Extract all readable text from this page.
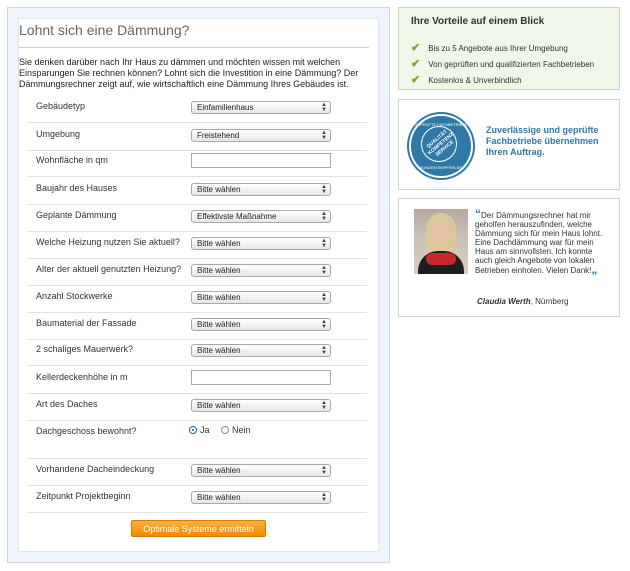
Lohnt sich eine Dämmung?
Sie denken darüber nach Ihr Haus zu dämmen und möchten wissen mit welchen Einsparungen Sie rechnen können? Lohnt sich die Investition in eine Dämmung? Der Dämmungsrechner zeigt auf, wie wirtschaftlich eine Dämmung Ihres Gebäudes ist.
Gebäudetyp	Einfamilienhaus	▲
▼
Umgebung	Freistehend	▲
▼
Wohnfläche in qm
Baujahr des Hauses	Bitte wählen	▲
▼
Geplante Dämmung	Effektivste Maßnahme	▲
▼
Welche Heizung nutzen Sie aktuell?	Bitte wählen	▲
▼
Alter der aktuell genutzten Heizung?	Bitte wählen	▲
▼
Anzahl Stockwerke	Bitte wählen	▲
▼
Baumaterial der Fassade	Bitte wählen	▲
▼
2 schaliges Mauerwerk?	Bitte wählen	▲
▼
Kellerdeckenhöhe in m
Art des Daches	Bitte wählen	▲
▼
Dachgeschoss bewohnt?	Ja	Nein
Vorhandene Dacheindeckung	Bitte wählen	▲
▼
Zeitpunkt Projektbeginn	Bitte wählen	▲
▼
Optimale Systeme ermitteln
Ihre Vorteile auf einem Blick
✔ Bis zu 5 Angebote aus Ihrer Umgebung
✔ Von geprüften und qualifizierten Fachbetrieben
✔ Kostenlos & Unverbindlich
GEPRÜFTE FACHBETRIEBE
QUALITÄT KOMPETENZ SERVICE
KUNDEN EMPFEHLEN
Zuverlässige und geprüfte Fachbetriebe übernehmen Ihren Auftrag.
“Der Dämmungsrechner hat mir geholfen herauszufinden, welche Dämmung sich für mein Haus lohnt. Eine Dachdämmung war für mein Haus am sinnvollsten. Ich konnte auch gleich Angebote von lokalen Betrieben einholen. Vielen Dank!„
Claudia Werth, Nürnberg
